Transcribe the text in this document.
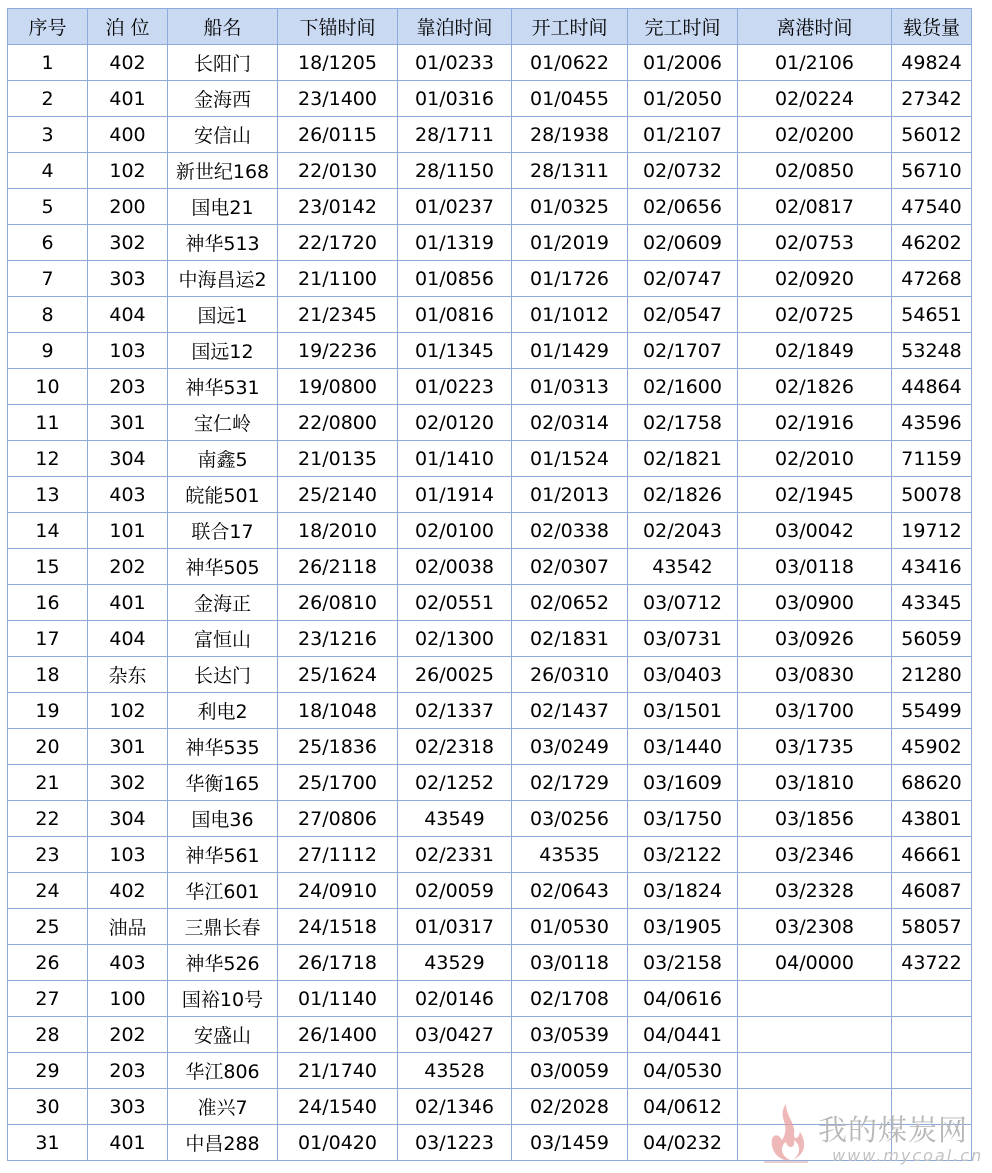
序号	泊 位	船名	下锚时间	靠泊时间	开工时间	完工时间	离港时间	载货量
1	402	长阳门	18/1205	01/0233	01/0622	01/2006	01/2106	49824
2	401	金海西	23/1400	01/0316	01/0455	01/2050	02/0224	27342
3	400	安信山	26/0115	28/1711	28/1938	01/2107	02/0200	56012
4	102	新世纪168	22/0130	28/1150	28/1311	02/0732	02/0850	56710
5	200	国电21	23/0142	01/0237	01/0325	02/0656	02/0817	47540
6	302	神华513	22/1720	01/1319	01/2019	02/0609	02/0753	46202
7	303	中海昌运2	21/1100	01/0856	01/1726	02/0747	02/0920	47268
8	404	国远1	21/2345	01/0816	01/1012	02/0547	02/0725	54651
9	103	国远12	19/2236	01/1345	01/1429	02/1707	02/1849	53248
10	203	神华531	19/0800	01/0223	01/0313	02/1600	02/1826	44864
11	301	宝仁岭	22/0800	02/0120	02/0314	02/1758	02/1916	43596
12	304	南鑫5	21/0135	01/1410	01/1524	02/1821	02/2010	71159
13	403	皖能501	25/2140	01/1914	01/2013	02/1826	02/1945	50078
14	101	联合17	18/2010	02/0100	02/0338	02/2043	03/0042	19712
15	202	神华505	26/2118	02/0038	02/0307	43542	03/0118	43416
16	401	金海正	26/0810	02/0551	02/0652	03/0712	03/0900	43345
17	404	富恒山	23/1216	02/1300	02/1831	03/0731	03/0926	56059
18	杂东	长达门	25/1624	26/0025	26/0310	03/0403	03/0830	21280
19	102	利电2	18/1048	02/1337	02/1437	03/1501	03/1700	55499
20	301	神华535	25/1836	02/2318	03/0249	03/1440	03/1735	45902
21	302	华衡165	25/1700	02/1252	02/1729	03/1609	03/1810	68620
22	304	国电36	27/0806	43549	03/0256	03/1750	03/1856	43801
23	103	神华561	27/1112	02/2331	43535	03/2122	03/2346	46661
24	402	华江601	24/0910	02/0059	02/0643	03/1824	03/2328	46087
25	油品	三鼎长春	24/1518	01/0317	01/0530	03/1905	03/2308	58057
26	403	神华526	26/1718	43529	03/0118	03/2158	04/0000	43722
27	100	国裕10号	01/1140	02/0146	02/1708	04/0616		
28	202	安盛山	26/1400	03/0427	03/0539	04/0441		
29	203	华江806	21/1740	43528	03/0059	04/0530		
30	303	准兴7	24/1540	02/1346	02/2028	04/0612		
31	401	中昌288	01/0420	03/1223	03/1459	04/0232			我的煤炭网
www.mycoal.cn
